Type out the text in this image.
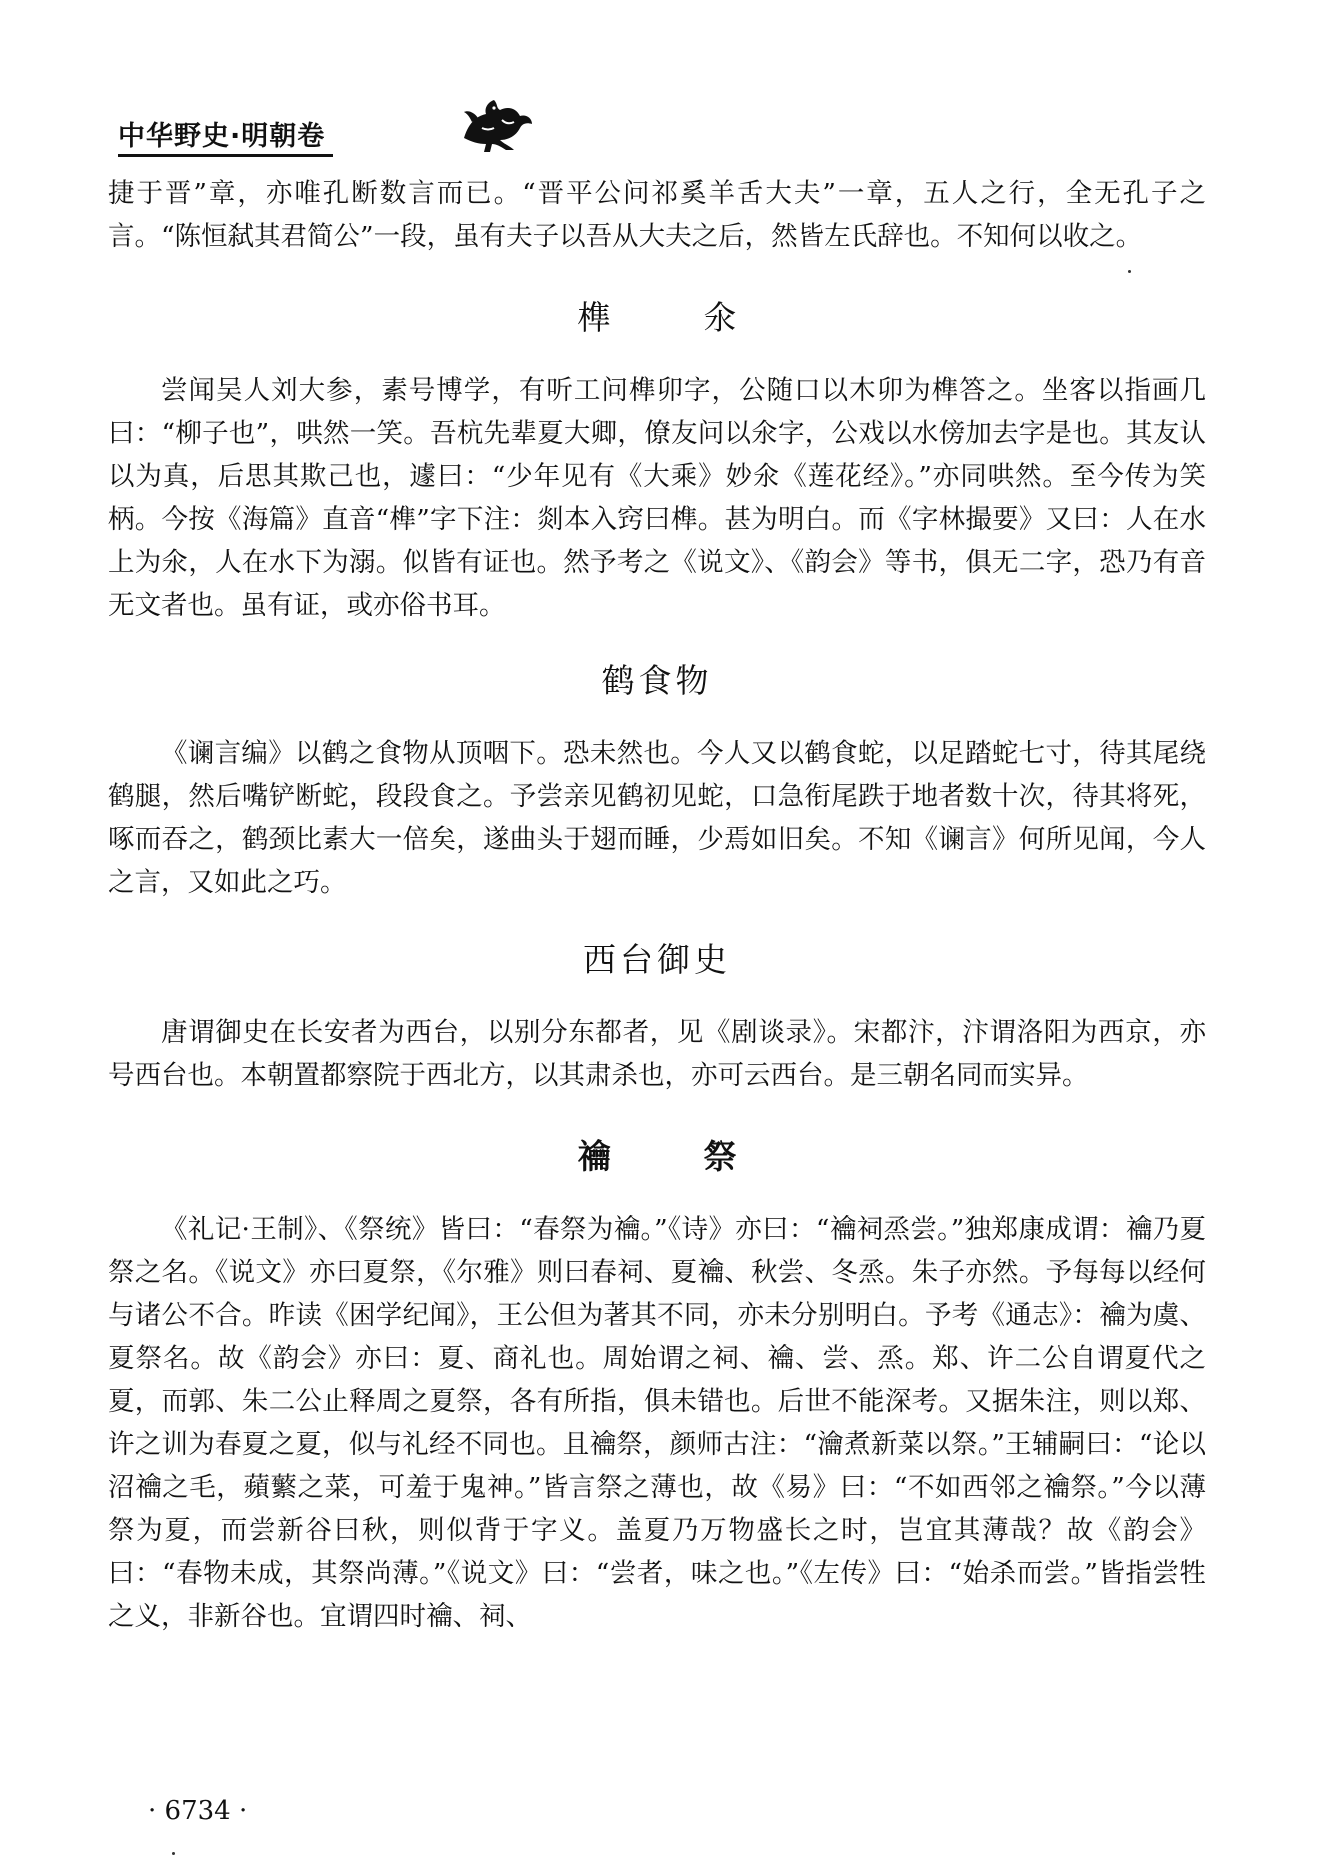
中华野史·明朝卷

捷于晋”章，亦唯孔断数言而已。“晋平公问祁奚羊舌大夫”一章，五人之行，全无孔子之言。“陈恒弑其君简公”一段，虽有夫子以吾从大夫之后，然皆左氏辞也。不知何以收之。

榫　氽

尝闻吴人刘大参，素号博学，有听工问榫卯字，公随口以木卯为榫答之。坐客以指画几曰：“柳子也”，哄然一笑。吾杭先辈夏大卿，僚友问以氽字，公戏以水傍加去字是也。其友认以为真，后思其欺己也，遽曰：“少年见有《大乘》妙氽《莲花经》。”亦同哄然。至今传为笑柄。今按《海篇》直音“榫”字下注：剡本入窍曰榫。甚为明白。而《字林撮要》又曰：人在水上为氽，人在水下为溺。似皆有证也。然予考之《说文》、《韵会》等书，俱无二字，恐乃有音无文者也。虽有证，或亦俗书耳。

鹤食物

《谰言编》以鹤之食物从顶咽下。恐未然也。今人又以鹤食蛇，以足踏蛇七寸，待其尾绕鹤腿，然后嘴铲断蛇，段段食之。予尝亲见鹤初见蛇，口急衔尾跌于地者数十次，待其将死，啄而吞之，鹤颈比素大一倍矣，遂曲头于翅而睡，少焉如旧矣。不知《谰言》何所见闻，今人之言，又如此之巧。

西台御史

唐谓御史在长安者为西台，以别分东都者，见《剧谈录》。宋都汴，汴谓洛阳为西京，亦号西台也。本朝置都察院于西北方，以其肃杀也，亦可云西台。是三朝名同而实异。

禴　祭

《礼记·王制》、《祭统》皆曰：“春祭为禴。”《诗》亦曰：“禴祠烝尝。”独郑康成谓：禴乃夏祭之名。《说文》亦曰夏祭，《尔雅》则曰春祠、夏禴、秋尝、冬烝。朱子亦然。予每每以经何与诸公不合。昨读《困学纪闻》，王公但为著其不同，亦未分别明白。予考《通志》：禴为虞、夏祭名。故《韵会》亦曰：夏、商礼也。周始谓之祠、禴、尝、烝。郑、许二公自谓夏代之夏，而郭、朱二公止释周之夏祭，各有所指，俱未错也。后世不能深考。又据朱注，则以郑、许之训为春夏之夏，似与礼经不同也。且禴祭，颜师古注：“瀹煮新菜以祭。”王辅嗣曰：“论以沼禴之毛，蘋蘩之菜，可羞于鬼神。”皆言祭之薄也，故《易》曰：“不如西邻之禴祭。”今以薄祭为夏，而尝新谷曰秋，则似背于字义。盖夏乃万物盛长之时，岂宜其薄哉？故《韵会》曰：“春物未成，其祭尚薄。”《说文》曰：“尝者，味之也。”《左传》曰：“始杀而尝。”皆指尝牲之义，非新谷也。宜谓四时禴、祠、

· 6734 ·
